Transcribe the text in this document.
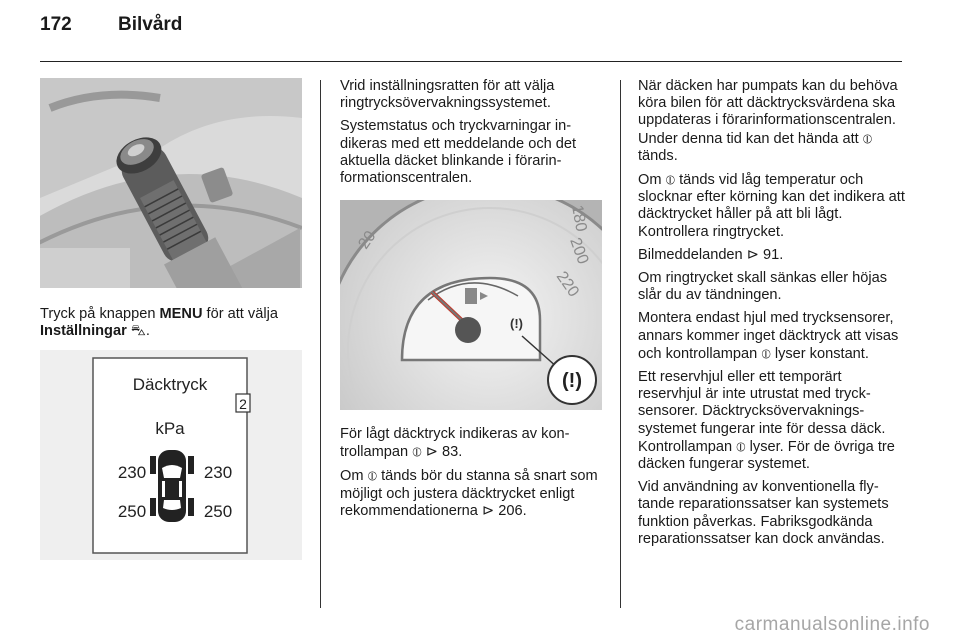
172 Bilvård

Tryck på knappen MENU för att välja
Inställningar ⛍.

Däcktryck
2
kPa
230	230
250	250

Vrid inställningsratten för att välja ringtrycksövervakningssystemet.

Systemstatus och tryckvarningar indikeras med ett meddelande och det aktuella däcket blinkande i förarinformationscentralen.

20
180
200
220
(!)
(!)

För lågt däcktryck indikeras av kontrollampan ⦶ ⊳ 83.

Om ⦶ tänds bör du stanna så snart som möjligt och justera däcktrycket enligt rekommendationerna ⊳ 206.

När däcken har pumpats kan du behöva köra bilen för att däcktrycksvärdena ska uppdateras i förarinformationscentralen. Under denna tid kan det hända att ⦶ tänds.

Om ⦶ tänds vid låg temperatur och slocknar efter körning kan det indikera att däcktrycket håller på att bli lågt. Kontrollera ringtrycket.

Bilmeddelanden ⊳ 91.

Om ringtrycket skall sänkas eller höjas slår du av tändningen.

Montera endast hjul med trycksensorer, annars kommer inget däcktryck att visas och kontrollampan ⦶ lyser konstant.

Ett reservhjul eller ett temporärt reservhjul är inte utrustat med trycksensorer. Däcktrycksövervakningssystemet fungerar inte för dessa däck. Kontrollampan ⦶ lyser. För de övriga tre däcken fungerar systemet.

Vid användning av konventionella flytande reparationssatser kan systemets funktion påverkas. Fabriksgodkända reparationssatser kan dock användas.

carmanualsonline.info
